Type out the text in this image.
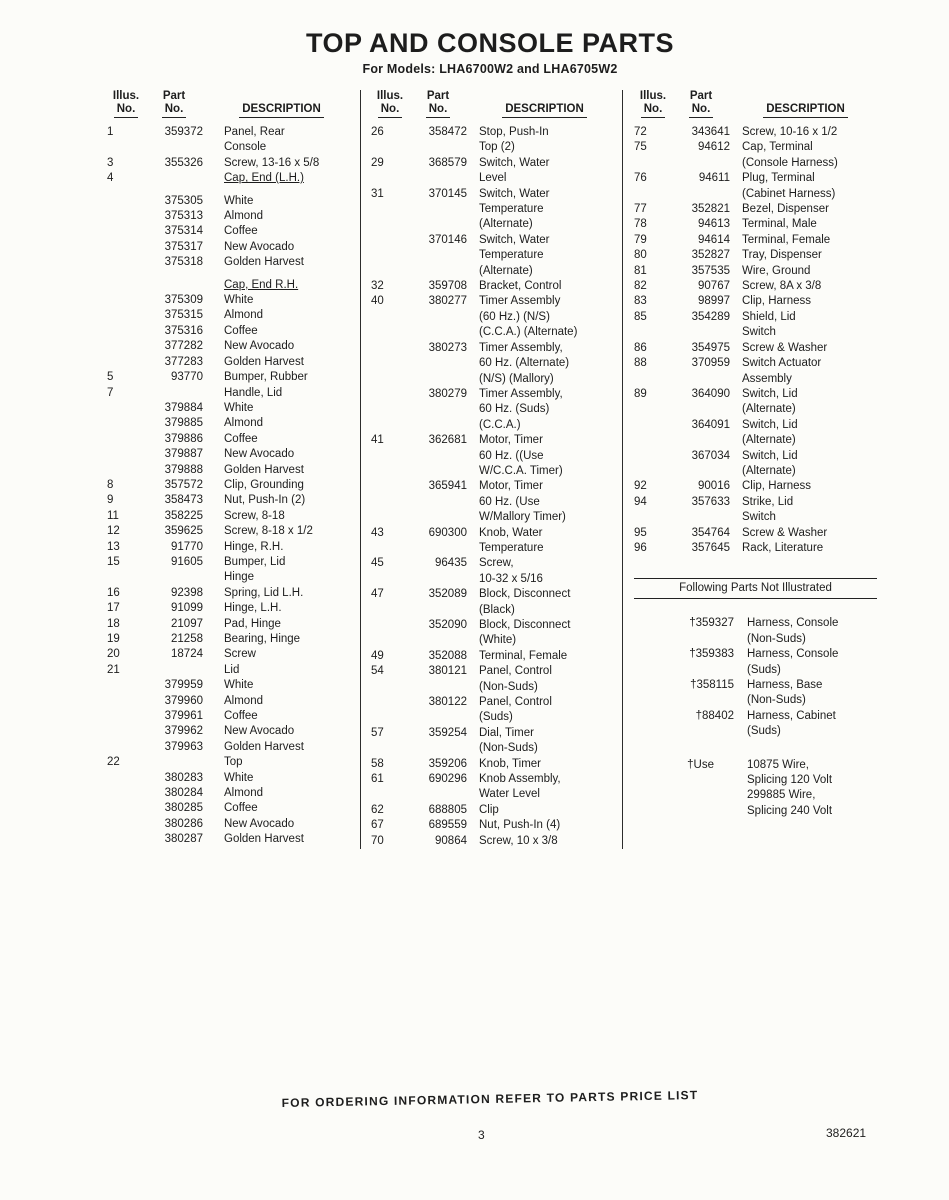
TOP AND CONSOLE PARTS
For Models: LHA6700W2 and LHA6705W2
Illus.
No.
Part
No.	DESCRIPTION
1	359372 Panel, Rear
Console
3	355326 Screw, 13-16 x 5/8
4	Cap, End (L.H.)
375305 White
375313 Almond
375314 Coffee
375317 New Avocado
375318 Golden Harvest
Cap, End R.H.
375309 White
375315 Almond
375316 Coffee
377282 New Avocado
377283 Golden Harvest
5	93770 Bumper, Rubber
7	Handle, Lid
379884 White
379885 Almond
379886 Coffee
379887 New Avocado
379888 Golden Harvest
8	357572 Clip, Grounding
9	358473 Nut, Push-In (2)
11	358225 Screw, 8-18
12	359625 Screw, 8-18 x 1/2
13	91770 Hinge, R.H.
15	91605 Bumper, Lid
Hinge
16	92398 Spring, Lid L.H.
17	91099 Hinge, L.H.
18	21097 Pad, Hinge
19	21258 Bearing, Hinge
20	18724 Screw
21	Lid
379959 White
379960 Almond
379961 Coffee
379962 New Avocado
379963 Golden Harvest
22	Top
380283 White
380284 Almond
380285 Coffee
380286 New Avocado
380287 Golden Harvest
Illus.
No.
Part
No.	DESCRIPTION
26	358472 Stop, Push-In
Top (2)
29	368579 Switch, Water
Level
31	370145 Switch, Water
Temperature
(Alternate)
370146 Switch, Water
Temperature
(Alternate)
32	359708 Bracket, Control
40	380277 Timer Assembly
(60 Hz.) (N/S)
(C.C.A.) (Alternate)
380273 Timer Assembly,
60 Hz. (Alternate)
(N/S) (Mallory)
380279 Timer Assembly,
60 Hz. (Suds)
(C.C.A.)
41	362681 Motor, Timer
60 Hz. ((Use
W/C.C.A. Timer)
365941 Motor, Timer
60 Hz. (Use
W/Mallory Timer)
43	690300 Knob, Water
Temperature
45	96435 Screw,
10-32 x 5/16
47	352089 Block, Disconnect
(Black)
352090 Block, Disconnect
(White)
49	352088 Terminal, Female
54	380121 Panel, Control
(Non-Suds)
380122 Panel, Control
(Suds)
57	359254 Dial, Timer
(Non-Suds)
58	359206 Knob, Timer
61	690296 Knob Assembly,
Water Level
62	688805 Clip
67	689559 Nut, Push-In (4)
70	90864 Screw, 10 x 3/8
Illus.
No.
Part
No.	DESCRIPTION
72	343641 Screw, 10-16 x 1/2
75	94612 Cap, Terminal
(Console Harness)
76	94611 Plug, Terminal
(Cabinet Harness)
77	352821 Bezel, Dispenser
78	94613 Terminal, Male
79	94614 Terminal, Female
80	352827 Tray, Dispenser
81	357535 Wire, Ground
82	90767 Screw, 8A x 3/8
83	98997 Clip, Harness
85	354289 Shield, Lid
Switch
86	354975 Screw & Washer
88	370959 Switch Actuator
Assembly
89	364090 Switch, Lid
(Alternate)
364091 Switch, Lid
(Alternate)
367034 Switch, Lid
(Alternate)
92	90016 Clip, Harness
94	357633 Strike, Lid
Switch
95	354764 Screw & Washer
96	357645 Rack, Literature
Following Parts Not Illustrated
†359327 Harness, Console
(Non-Suds)
†359383 Harness, Console
(Suds)
†358115 Harness, Base
(Non-Suds)
†88402 Harness, Cabinet
(Suds)
†Use	10875 Wire,
Splicing 120 Volt
299885 Wire,
Splicing 240 Volt
FOR ORDERING INFORMATION REFER TO PARTS PRICE LIST
3	382621
